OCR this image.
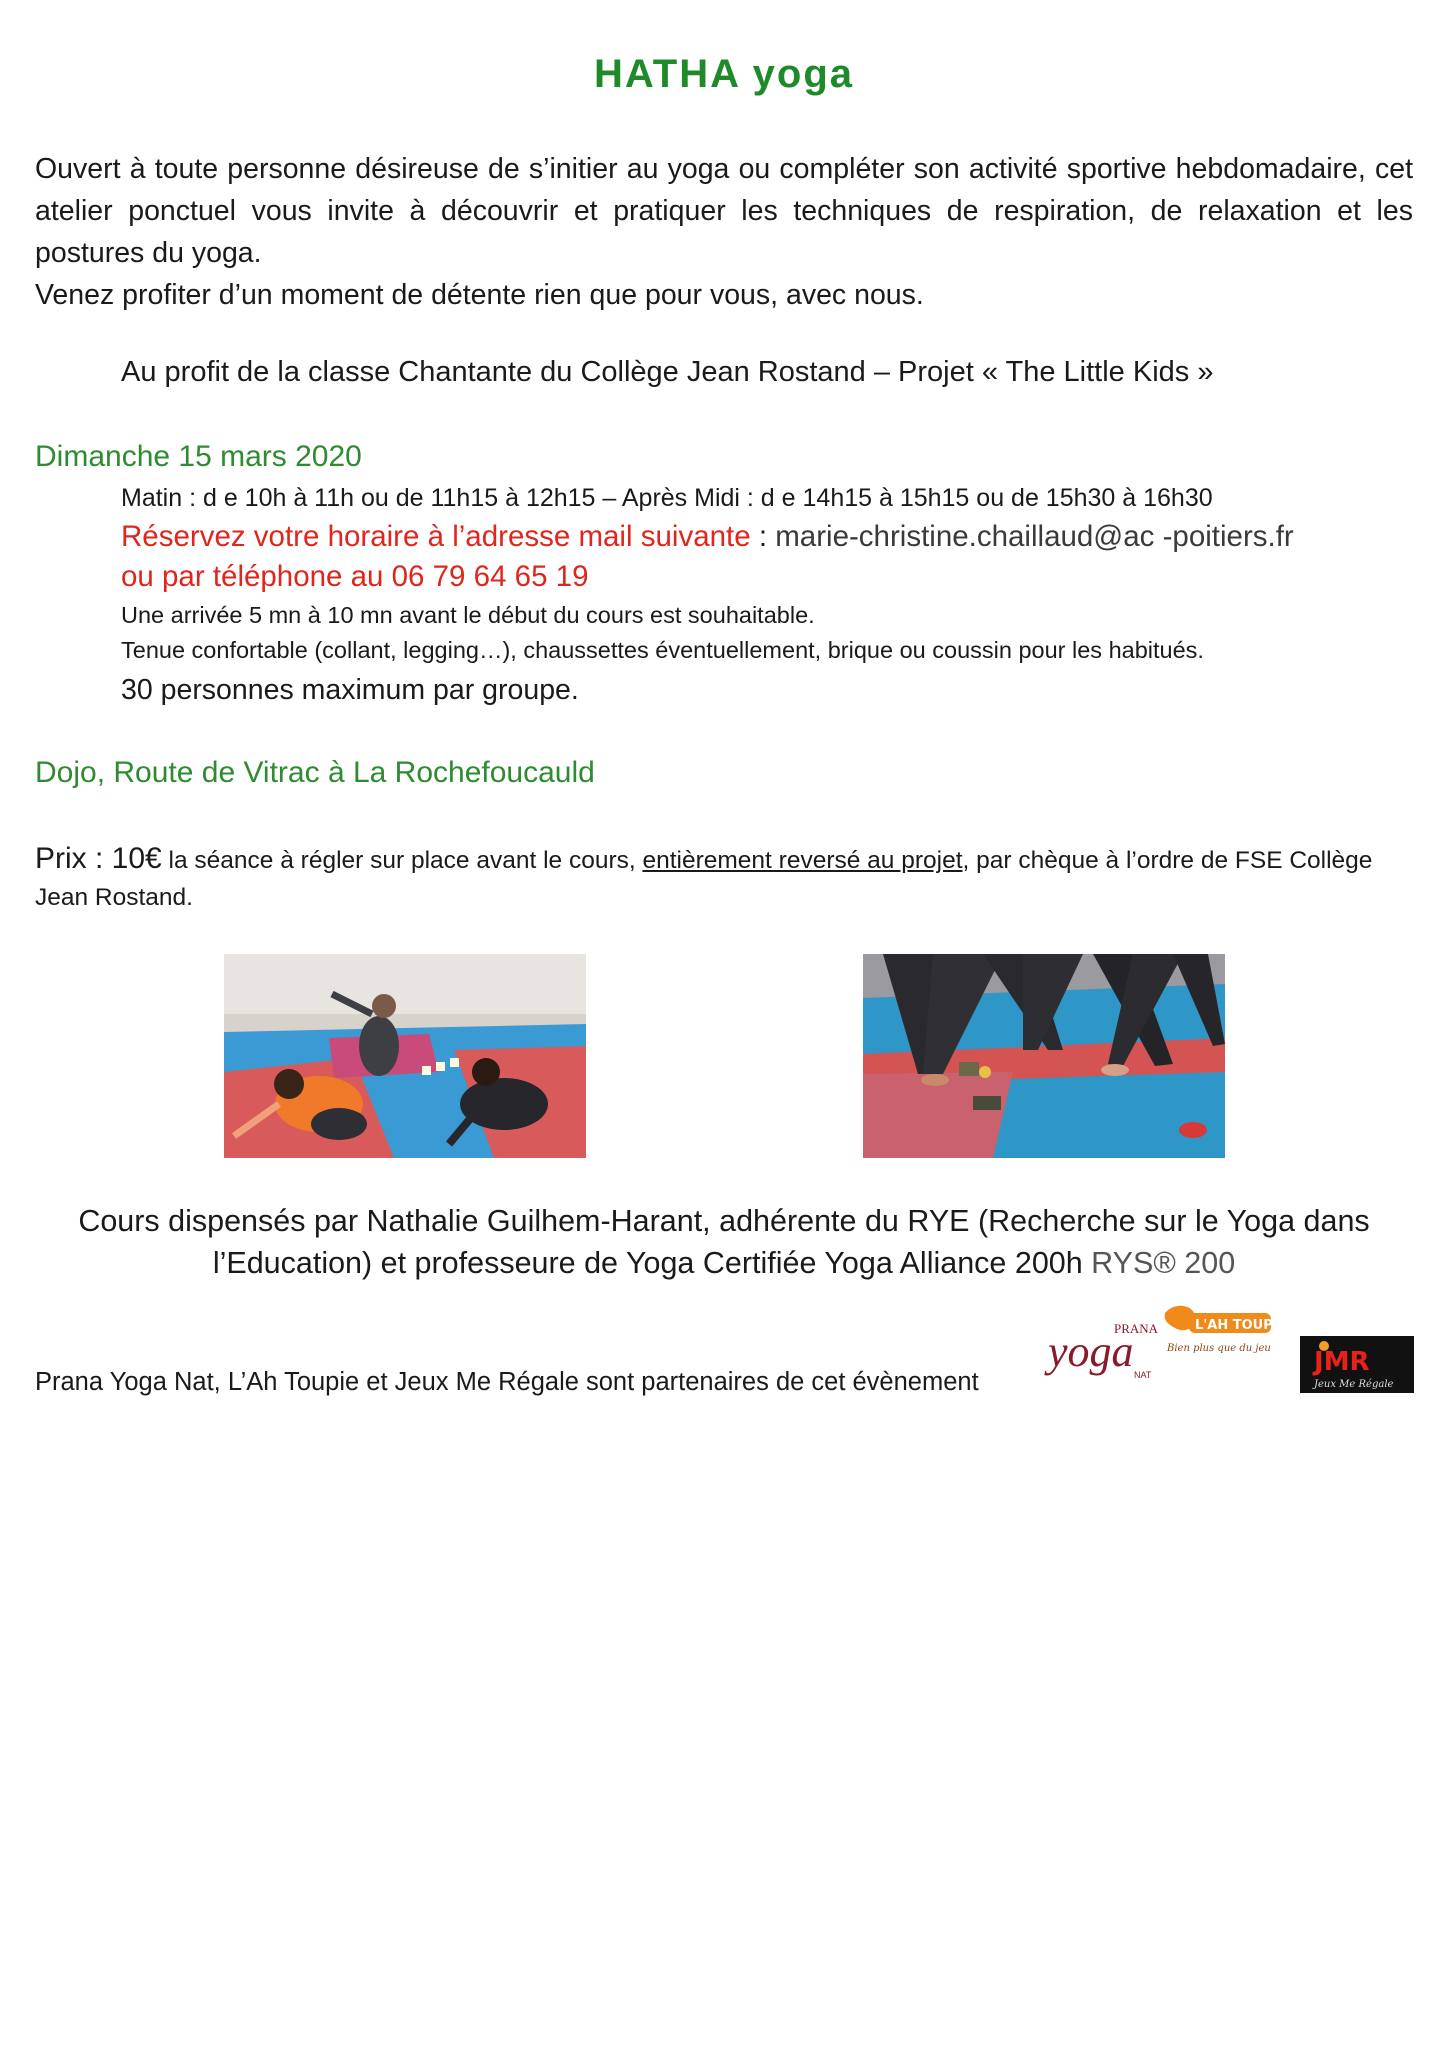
HATHA yoga

Ouvert à toute personne désireuse de s’initier au yoga ou compléter son activité sportive hebdomadaire, cet atelier ponctuel vous invite à découvrir et pratiquer les techniques de respiration, de relaxation et les postures du yoga.

Venez profiter d’un moment de détente rien que pour vous, avec nous.

Au profit de la classe Chantante du Collège Jean Rostand – Projet « The Little Kids »
Dimanche 15 mars 2020
Matin : d e 10h à 11h ou de 11h15 à 12h15 – Après Midi : d e 14h15 à 15h15 ou de 15h30 à 16h30
Réservez votre horaire à l’adresse mail suivante : marie-christine.chaillaud@ac -poitiers.fr
ou par téléphone au 06 79 64 65 19
Une arrivée 5 mn à 10 mn avant le début du cours est souhaitable.
Tenue confortable (collant, legging…), chaussettes éventuellement, brique ou coussin pour les habitués.
30 personnes maximum par groupe.
Dojo, Route de Vitrac à La Rochefoucauld
Prix : 10€ la séance à régler sur place avant le cours, entièrement reversé au projet, par chèque à l’ordre de FSE Collège Jean Rostand.
Cours dispensés par Nathalie Guilhem-Harant, adhérente du RYE (Recherche sur le Yoga dans
l’Education) et professeure de Yoga Certifiée Yoga Alliance 200h RYS® 200
Prana Yoga Nat, L’Ah Toupie et Jeux Me Régale sont partenaires de cet évènement
PRANA
yoga NAT
L'AH TOUPIE
Bien plus que du jeu JMR
Jeux Me Régale
